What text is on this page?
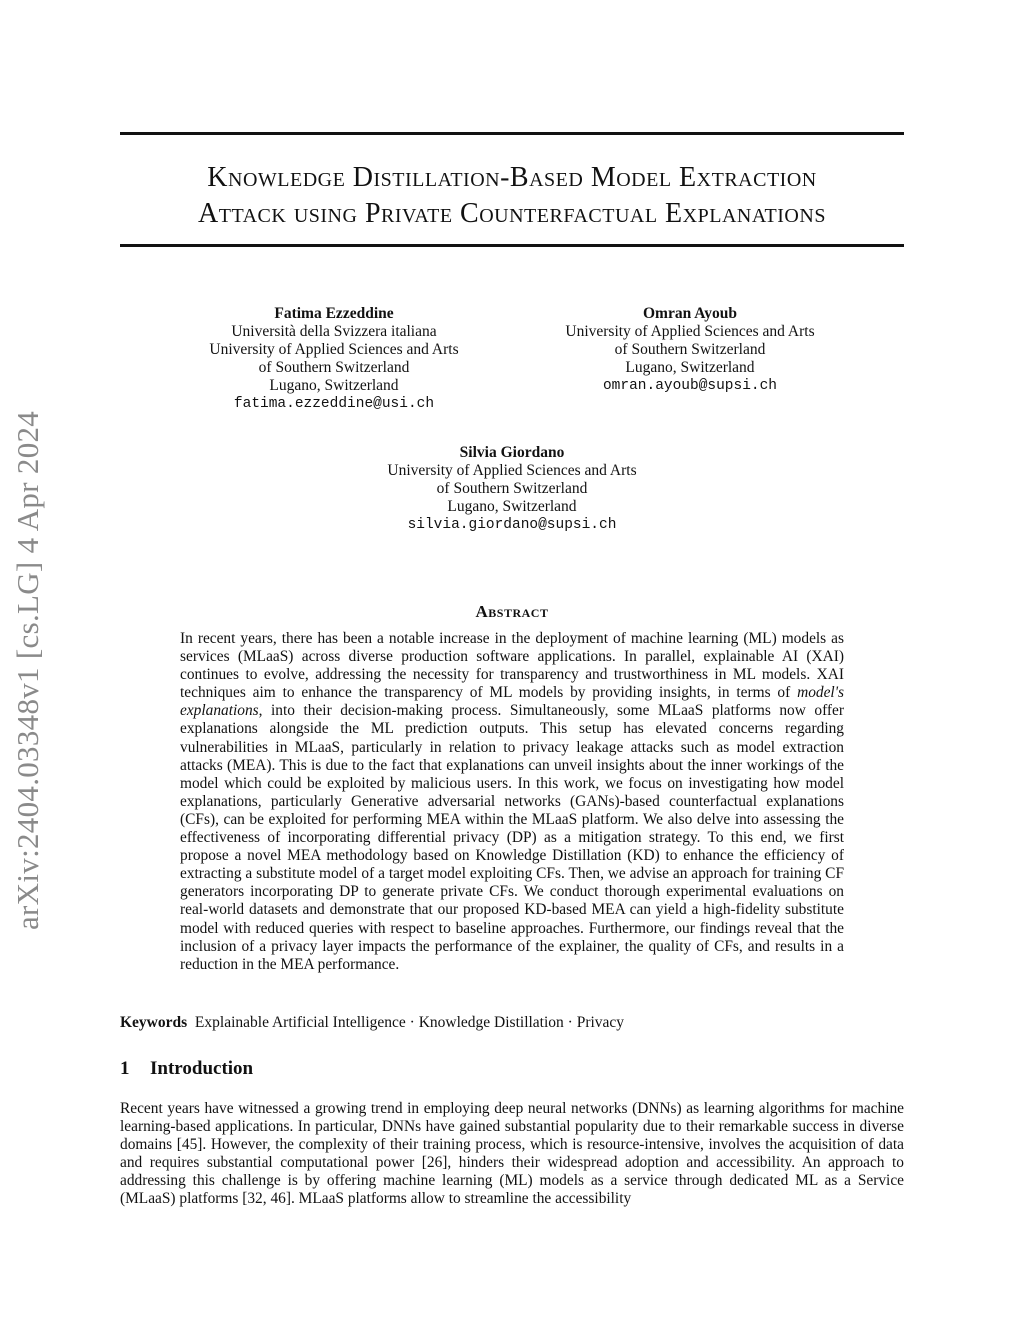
arXiv:2404.03348v1 [cs.LG] 4 Apr 2024
Knowledge Distillation-Based Model Extraction
Attack using Private Counterfactual Explanations
Fatima Ezzeddine
Università della Svizzera italiana
University of Applied Sciences and Arts
of Southern Switzerland
Lugano, Switzerland
fatima.ezzeddine@usi.ch
Omran Ayoub
University of Applied Sciences and Arts
of Southern Switzerland
Lugano, Switzerland
omran.ayoub@supsi.ch
Silvia Giordano
University of Applied Sciences and Arts
of Southern Switzerland
Lugano, Switzerland
silvia.giordano@supsi.ch
Abstract
In recent years, there has been a notable increase in the deployment of machine learning (ML) models as services (MLaaS) across diverse production software applications. In parallel, explainable AI (XAI) continues to evolve, addressing the necessity for transparency and trustworthiness in ML models. XAI techniques aim to enhance the transparency of ML models by providing insights, in terms of model's explanations, into their decision-making process. Simultaneously, some MLaaS platforms now offer explanations alongside the ML prediction outputs. This setup has elevated concerns regarding vulnerabilities in MLaaS, particularly in relation to privacy leakage attacks such as model extraction attacks (MEA). This is due to the fact that explanations can unveil insights about the inner workings of the model which could be exploited by malicious users. In this work, we focus on investigating how model explanations, particularly Generative adversarial networks (GANs)-based counterfactual explanations (CFs), can be exploited for performing MEA within the MLaaS platform. We also delve into assessing the effectiveness of incorporating differential privacy (DP) as a mitigation strategy. To this end, we first propose a novel MEA methodology based on Knowledge Distillation (KD) to enhance the efficiency of extracting a substitute model of a target model exploiting CFs. Then, we advise an approach for training CF generators incorporating DP to generate private CFs. We conduct thorough experimental evaluations on real-world datasets and demonstrate that our proposed KD-based MEA can yield a high-fidelity substitute model with reduced queries with respect to baseline approaches. Furthermore, our findings reveal that the inclusion of a privacy layer impacts the performance of the explainer, the quality of CFs, and results in a reduction in the MEA performance.
Keywords Explainable Artificial Intelligence · Knowledge Distillation · Privacy
1 Introduction
Recent years have witnessed a growing trend in employing deep neural networks (DNNs) as learning algorithms for machine learning-based applications. In particular, DNNs have gained substantial popularity due to their remarkable success in diverse domains [45]. However, the complexity of their training process, which is resource-intensive, involves the acquisition of data and requires substantial computational power [26], hinders their widespread adoption and accessibility. An approach to addressing this challenge is by offering machine learning (ML) models as a service through dedicated ML as a Service (MLaaS) platforms [32, 46]. MLaaS platforms allow to streamline the accessibility
